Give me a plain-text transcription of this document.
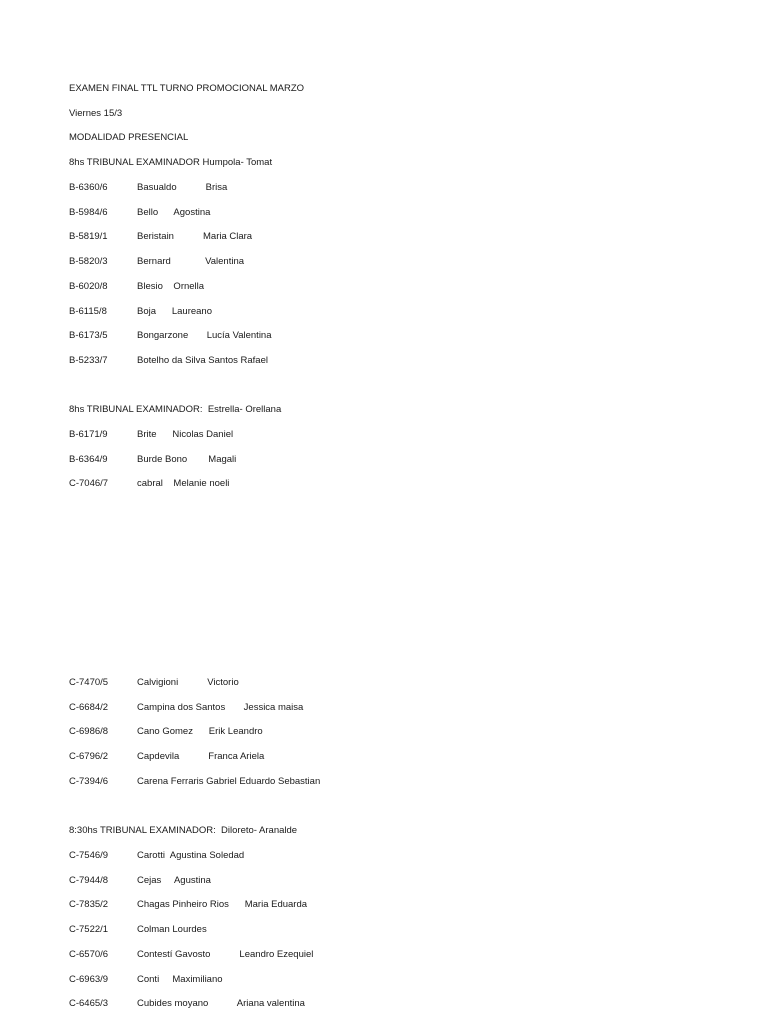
EXAMEN FINAL TTL TURNO PROMOCIONAL MARZO
Viernes 15/3
MODALIDAD PRESENCIAL
8hs TRIBUNAL EXAMINADOR Humpola- Tomat
B-6360/6	Basualdo           Brisa
B-5984/6	Bello      Agostina
B-5819/1	Beristain           Maria Clara
B-5820/3	Bernard             Valentina
B-6020/8	Blesio    Ornella
B-6115/8	Boja      Laureano
B-6173/5	Bongarzone       Lucía Valentina
B-5233/7	Botelho da Silva Santos Rafael
8hs TRIBUNAL EXAMINADOR:  Estrella- Orellana
B-6171/9	Brite      Nicolas Daniel
B-6364/9	Burde Bono        Magali
C-7046/7	cabral    Melanie noeli
C-7470/5	Calvigioni           Victorio
C-6684/2	Campina dos Santos       Jessica maisa
C-6986/8	Cano Gomez      Erik Leandro
C-6796/2	Capdevila           Franca Ariela
C-7394/6	Carena Ferraris Gabriel Eduardo Sebastian
8:30hs TRIBUNAL EXAMINADOR:  Diloreto- Aranalde
C-7546/9	Carotti  Agustina Soledad
C-7944/8	Cejas     Agustina
C-7835/2	Chagas Pinheiro Rios      Maria Eduarda
C-7522/1	Colman Lourdes
C-6570/6	Contestí Gavosto           Leandro Ezequiel
C-6963/9	Conti     Maximiliano
C-6465/3	Cubides moyano           Ariana valentina
